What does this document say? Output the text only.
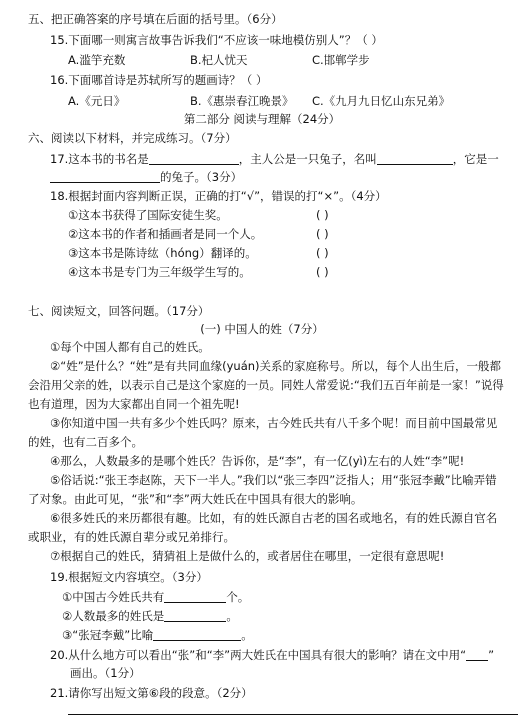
五、把正确答案的序号填在后面的括号里。（6分）
15.下面哪一则寓言故事告诉我们“不应该一味地模仿别人”？（ ）
A.滥竽充数	B.杞人忧天	C.邯郸学步
16.下面哪首诗是苏轼所写的题画诗？（ ）
A.《元日》	B.《惠崇春江晚景》 C.《九月九日忆山东兄弟》
第二部分 阅读与理解（24分）
六、阅读以下材料，并完成练习。（7分）
17.这本书的书名是	，主人公是一只兔子，名叫	，它是一
的兔子。（3分）
18.根据封面内容判断正误，正确的打“√”，错误的打“×”。（4分）
①这本书获得了国际安徒生奖。	( )
②这本书的作者和插画者是同一个人。	( )
③这本书是陈诗纮（hóng）翻译的。	( )
④这本书是专门为三年级学生写的。	( )
七、阅读短文，回答问题。（17分）
(一) 中国人的姓（7分）
①每个中国人都有自己的姓氏。
②“姓”是什么？“姓”是有共同血缘(yuán)关系的家庭称号。所以，每个人出生后，一般都会沿用父亲的姓，以表示自己是这个家庭的一员。同姓人常爱说:“我们五百年前是一家！”说得也有道理，因为大家都出自同一个祖先呢!
③你知道中国一共有多少个姓氏吗？原来，古今姓氏共有八千多个呢！而目前中国最常见的姓，也有二百多个。
④那么，人数最多的是哪个姓氏？告诉你，是“李”，有一亿(yì)左右的人姓“李”呢!
⑤俗话说:“张王李赵陈，天下一半人。”我们以“张三李四”泛指人；用“张冠李戴”比喻弄错了对象。由此可见，“张”和“李”两大姓氏在中国具有很大的影响。
⑥很多姓氏的来历都很有趣。比如，有的姓氏源自古老的国名或地名，有的姓氏源自官名或职业，有的姓氏源自辈分或兄弟排行。
⑦根据自己的姓氏，猜猜祖上是做什么的，或者居住在哪里，一定很有意思呢!
19.根据短文内容填空。（3分）
①中国古今姓氏共有	个。
②人数最多的姓氏是	。
③“张冠李戴”比喻	。
20.从什么地方可以看出“张”和“李”两大姓氏在中国具有很大的影响？请在文中用“ ”
画出。（1分）
21.请你写出短文第⑥段的段意。（2分）
